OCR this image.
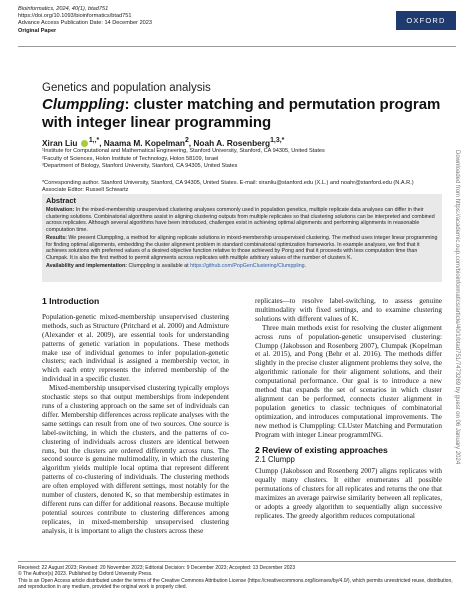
Bioinformatics, 2024, 40(1), btad751
https://doi.org/10.1093/bioinformatics/btad751
Advance Access Publication Date: 14 December 2023
Original Paper
OXFORD
Genetics and population analysis
Clumppling: cluster matching and permutation program with integer linear programming
Xiran Liu $^{1,,*}$, Naama M. Kopelman$^2$, Noah A. Rosenberg$^{1,3,*}$
¹Institute for Computational and Mathematical Engineering, Stanford University, Stanford, CA 94305, United States
²Faculty of Sciences, Holon Institute of Technology, Holon 58109, Israel
³Department of Biology, Stanford University, Stanford, CA 94305, United States
*Corresponding author. Stanford University, Stanford, CA 94305, United States. E-mail: xiranliu@stanford.edu (X.L.) and noahr@stanford.edu (N.A.R.)
Associate Editor: Russell Schwartz
Abstract

Motivation: In the mixed-membership unsupervised clustering analyses commonly used in population genetics, multiple replicate data analyses can differ in their clustering solutions. Combinatorial algorithms assist in aligning clustering outputs from multiple replicates so that clustering solutions can be interpreted and combined across replicates. Although several algorithms have been introduced, challenges exist in achieving optimal alignments and performing alignments in reasonable computation time.

Results: We present Clumppling, a method for aligning replicate solutions in mixed-membership unsupervised clustering. The method uses integer linear programming for finding optimal alignments, embedding the cluster alignment problem in standard combinatorial optimization frameworks. In example analyses, we find that it achieves solutions with preferred values of a desired objective function relative to those achieved by Pong and that it proceeds with less computation time than Clumpak. It is also the first method to permit alignments across replicates with multiple arbitrary values of the number of clusters K.

Availability and implementation: Clumppling is available at https://github.com/PopGenClustering/Clumppling.

1 Introduction

Population-genetic mixed-membership unsupervised clustering methods, such as Structure (Pritchard et al. 2000) and Admixture (Alexander et al. 2009), are essential tools for understanding patterns of genetic variation in populations. These methods make use of individual genomes to infer population-genetic clusters; each individual is assigned a membership vector, in which each entry represents the inferred membership of the individual in a specific cluster.

Mixed-membership unsupervised clustering typically employs stochastic steps so that output memberships from independent runs of a clustering approach on the same set of individuals can differ. Membership differences across replicate analyses with the same settings can result from one of two sources. One source is label-switching, in which the clusters, and the patterns of co-clustering of individuals across clusters are identical between runs, but the clusters are ordered differently across runs. The second source is genuine multimodality, in which the clustering algorithm yields multiple local optima that represent different patterns of co-clustering of individuals. The clustering methods are often employed with different settings, most notably for the number of clusters, denoted K, so that membership estimates in different runs can differ for additional reasons. Because multiple potential sources contribute to clustering differences among replicates, in mixed-membership unsupervised clustering analysis, it is important to align the clusters across these

replicates—to resolve label-switching, to assess genuine multimodality with fixed settings, and to examine clustering solutions with different values of K.

Three main methods exist for resolving the cluster alignment across runs of population-genetic unsupervised clustering: Clumpp (Jakobsson and Rosenberg 2007), Clumpak (Kopelman et al. 2015), and Pong (Behr et al. 2016). The methods differ slightly in the precise cluster alignment problems they solve, the algorithmic rationale for their alignment solutions, and their computational performance. Our goal is to introduce a new method that expands the set of scenarios in which cluster alignment can be performed, connects cluster alignment in population genetics to classic techniques of combinatorial optimization, and introduces computational improvements. The new method is Clumppling: CLUster Matching and Permutation Program with integer Linear programmING.

2 Review of existing approaches
2.1 Clumpp

Clumpp (Jakobsson and Rosenberg 2007) aligns replicates with equally many clusters. It either enumerates all possible permutations of clusters for all replicates and returns the one that maximizes an average pairwise similarity between all replicates, or adopts a greedy algorithm to sequentially align successive replicates. The greedy algorithm reduces computational

Received: 22 August 2023; Revised: 20 November 2023; Editorial Decision: 9 December 2023; Accepted: 13 December 2023

© The Author(s) 2023. Published by Oxford University Press.

This is an Open Access article distributed under the terms of the Creative Commons Attribution License (https://creativecommons.org/licenses/by/4.0/), which permits unrestricted reuse, distribution, and reproduction in any medium, provided the original work is properly cited.

Downloaded from https://academic.oup.com/bioinformatics/article/40/1/btad751/7473269 by guest on 06 January 2024
